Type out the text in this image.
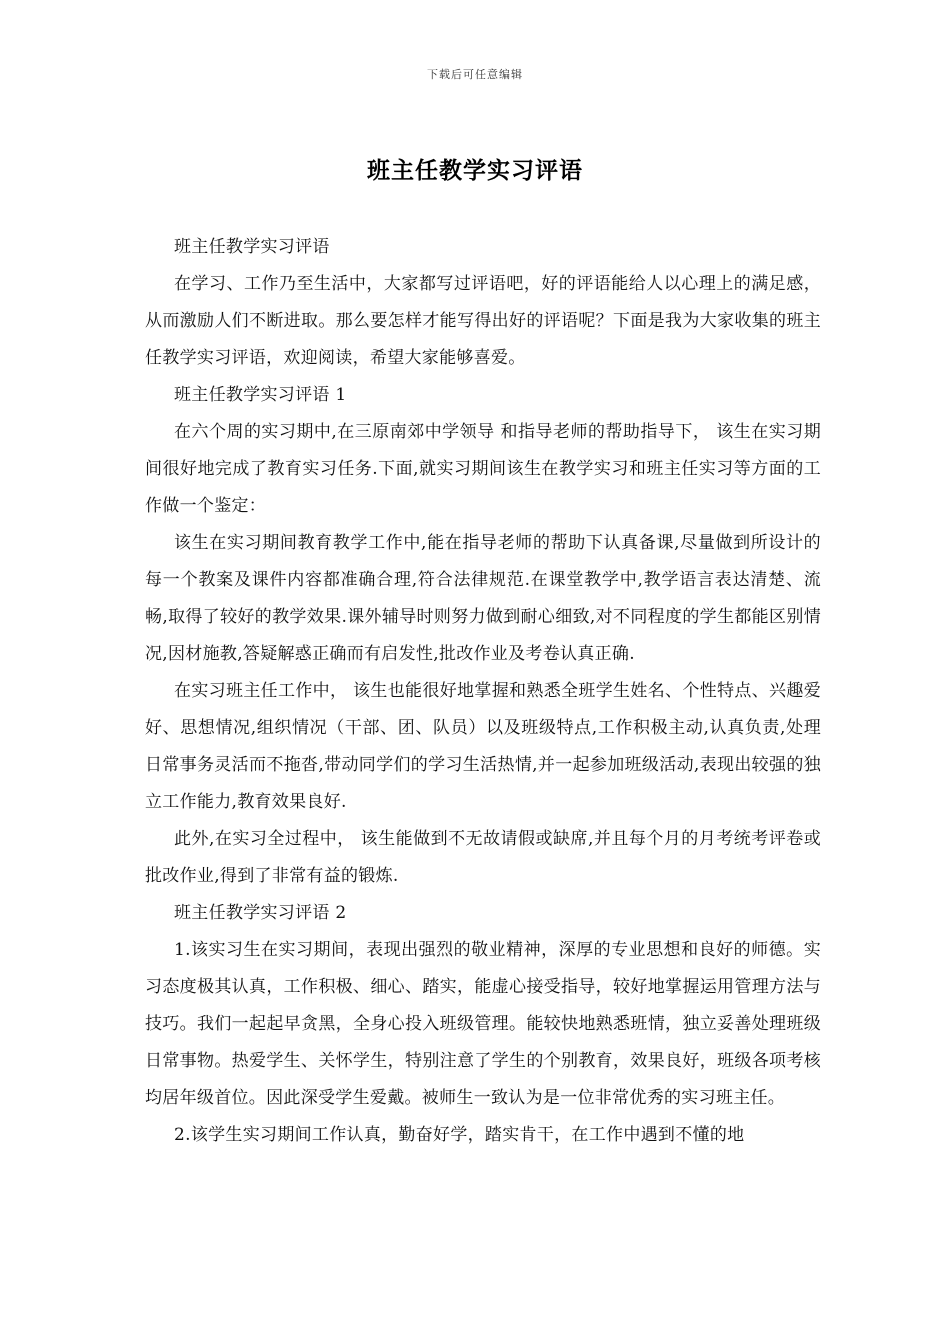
下载后可任意编辑
班主任教学实习评语

班主任教学实习评语

在学习、工作乃至生活中，大家都写过评语吧，好的评语能给人以心理上的满足感，从而激励人们不断进取。那么要怎样才能写得出好的评语呢？下面是我为大家收集的班主任教学实习评语，欢迎阅读，希望大家能够喜爱。

班主任教学实习评语 1

在六个周的实习期中,在三原南郊中学领导 和指导老师的帮助指导下， 该生在实习期间很好地完成了教育实习任务.下面,就实习期间该生在教学实习和班主任实习等方面的工作做一个鉴定：

该生在实习期间教育教学工作中,能在指导老师的帮助下认真备课,尽量做到所设计的每一个教案及课件内容都准确合理,符合法律规范.在课堂教学中,教学语言表达清楚、流畅,取得了较好的教学效果.课外辅导时则努力做到耐心细致,对不同程度的学生都能区别情况,因材施教,答疑解惑正确而有启发性,批改作业及考卷认真正确.

在实习班主任工作中， 该生也能很好地掌握和熟悉全班学生姓名、个性特点、兴趣爱好、思想情况,组织情况（干部、团、队员）以及班级特点,工作积极主动,认真负责,处理日常事务灵活而不拖沓,带动同学们的学习生活热情,并一起参加班级活动,表现出较强的独立工作能力,教育效果良好.

此外,在实习全过程中， 该生能做到不无故请假或缺席,并且每个月的月考统考评卷或批改作业,得到了非常有益的锻炼.

班主任教学实习评语 2

1.该实习生在实习期间，表现出强烈的敬业精神，深厚的专业思想和良好的师德。实习态度极其认真，工作积极、细心、踏实，能虚心接受指导，较好地掌握运用管理方法与技巧。我们一起起早贪黑，全身心投入班级管理。能较快地熟悉班情，独立妥善处理班级日常事物。热爱学生、关怀学生，特别注意了学生的个别教育，效果良好，班级各项考核均居年级首位。因此深受学生爱戴。被师生一致认为是一位非常优秀的实习班主任。

2.该学生实习期间工作认真，勤奋好学，踏实肯干，在工作中遇到不懂的地
